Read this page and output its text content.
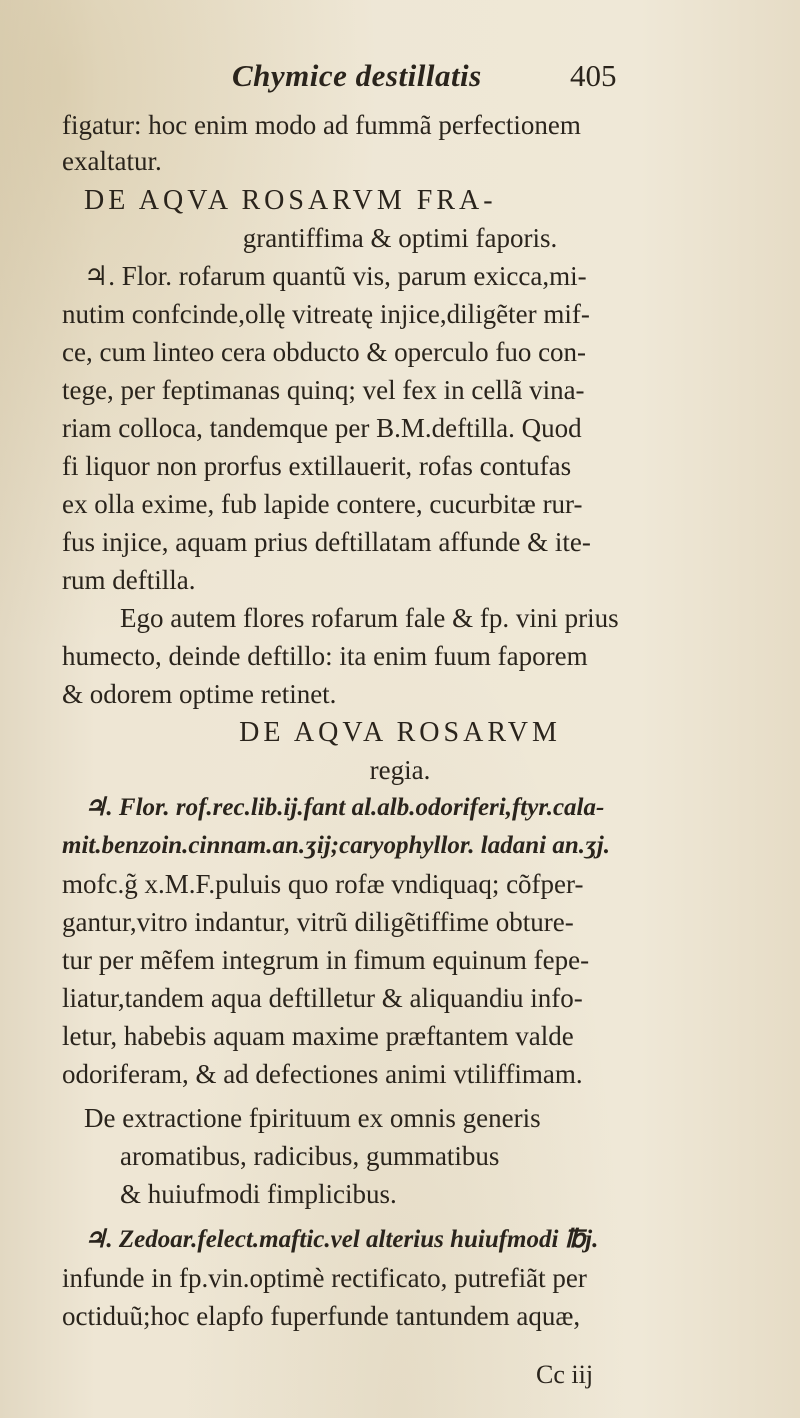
Chymice destillatis	405
figatur: hoc enim modo ad fummã perfectionem
exaltatur.
DE AQVA ROSARVM FRA-
grantiffima & optimi faporis.
♃. Flor. rofarum quantũ vis, parum exicca,mi-
nutim confcinde,ollę vitreatę injice,diligẽter mif-
ce, cum linteo cera obducto & operculo fuo con-
tege, per feptimanas quinq; vel fex in cellã vina-
riam colloca, tandemque per B.M.deftilla. Quod
fi liquor non prorfus extillauerit, rofas contufas
ex olla exime, fub lapide contere, cucurbitæ rur-
fus injice, aquam prius deftillatam affunde & ite-
rum deftilla.
Ego autem flores rofarum fale & fp. vini prius
humecto, deinde deftillo: ita enim fuum faporem
& odorem optime retinet.
DE AQVA ROSARVM
regia.
♃. Flor. rof.rec.lib.ij.fant al.alb.odoriferi,ftyr.cala-
mit.benzoin.cinnam.an.ʒij;caryophyllor. ladani an.ʒj.
mofc.g̃ x.M.F.puluis quo rofæ vndiquaq; cõfper-
gantur,vitro indantur, vitrũ diligẽtiffime obture-
tur per mẽfem integrum in fimum equinum fepe-
liatur,tandem aqua deftilletur & aliquandiu info-
letur, habebis aquam maxime præftantem valde
odoriferam, & ad defectiones animi vtiliffimam.
De extractione fpirituum ex omnis generis
aromatibus, radicibus, gummatibus
& huiufmodi fimplicibus.
♃. Zedoar.felect.maftic.vel alterius huiufmodi ℔j.
infunde in fp.vin.optimè rectificato, putrefiãt per
octiduũ;hoc elapfo fuperfunde tantundem aquæ,
Cc iij
